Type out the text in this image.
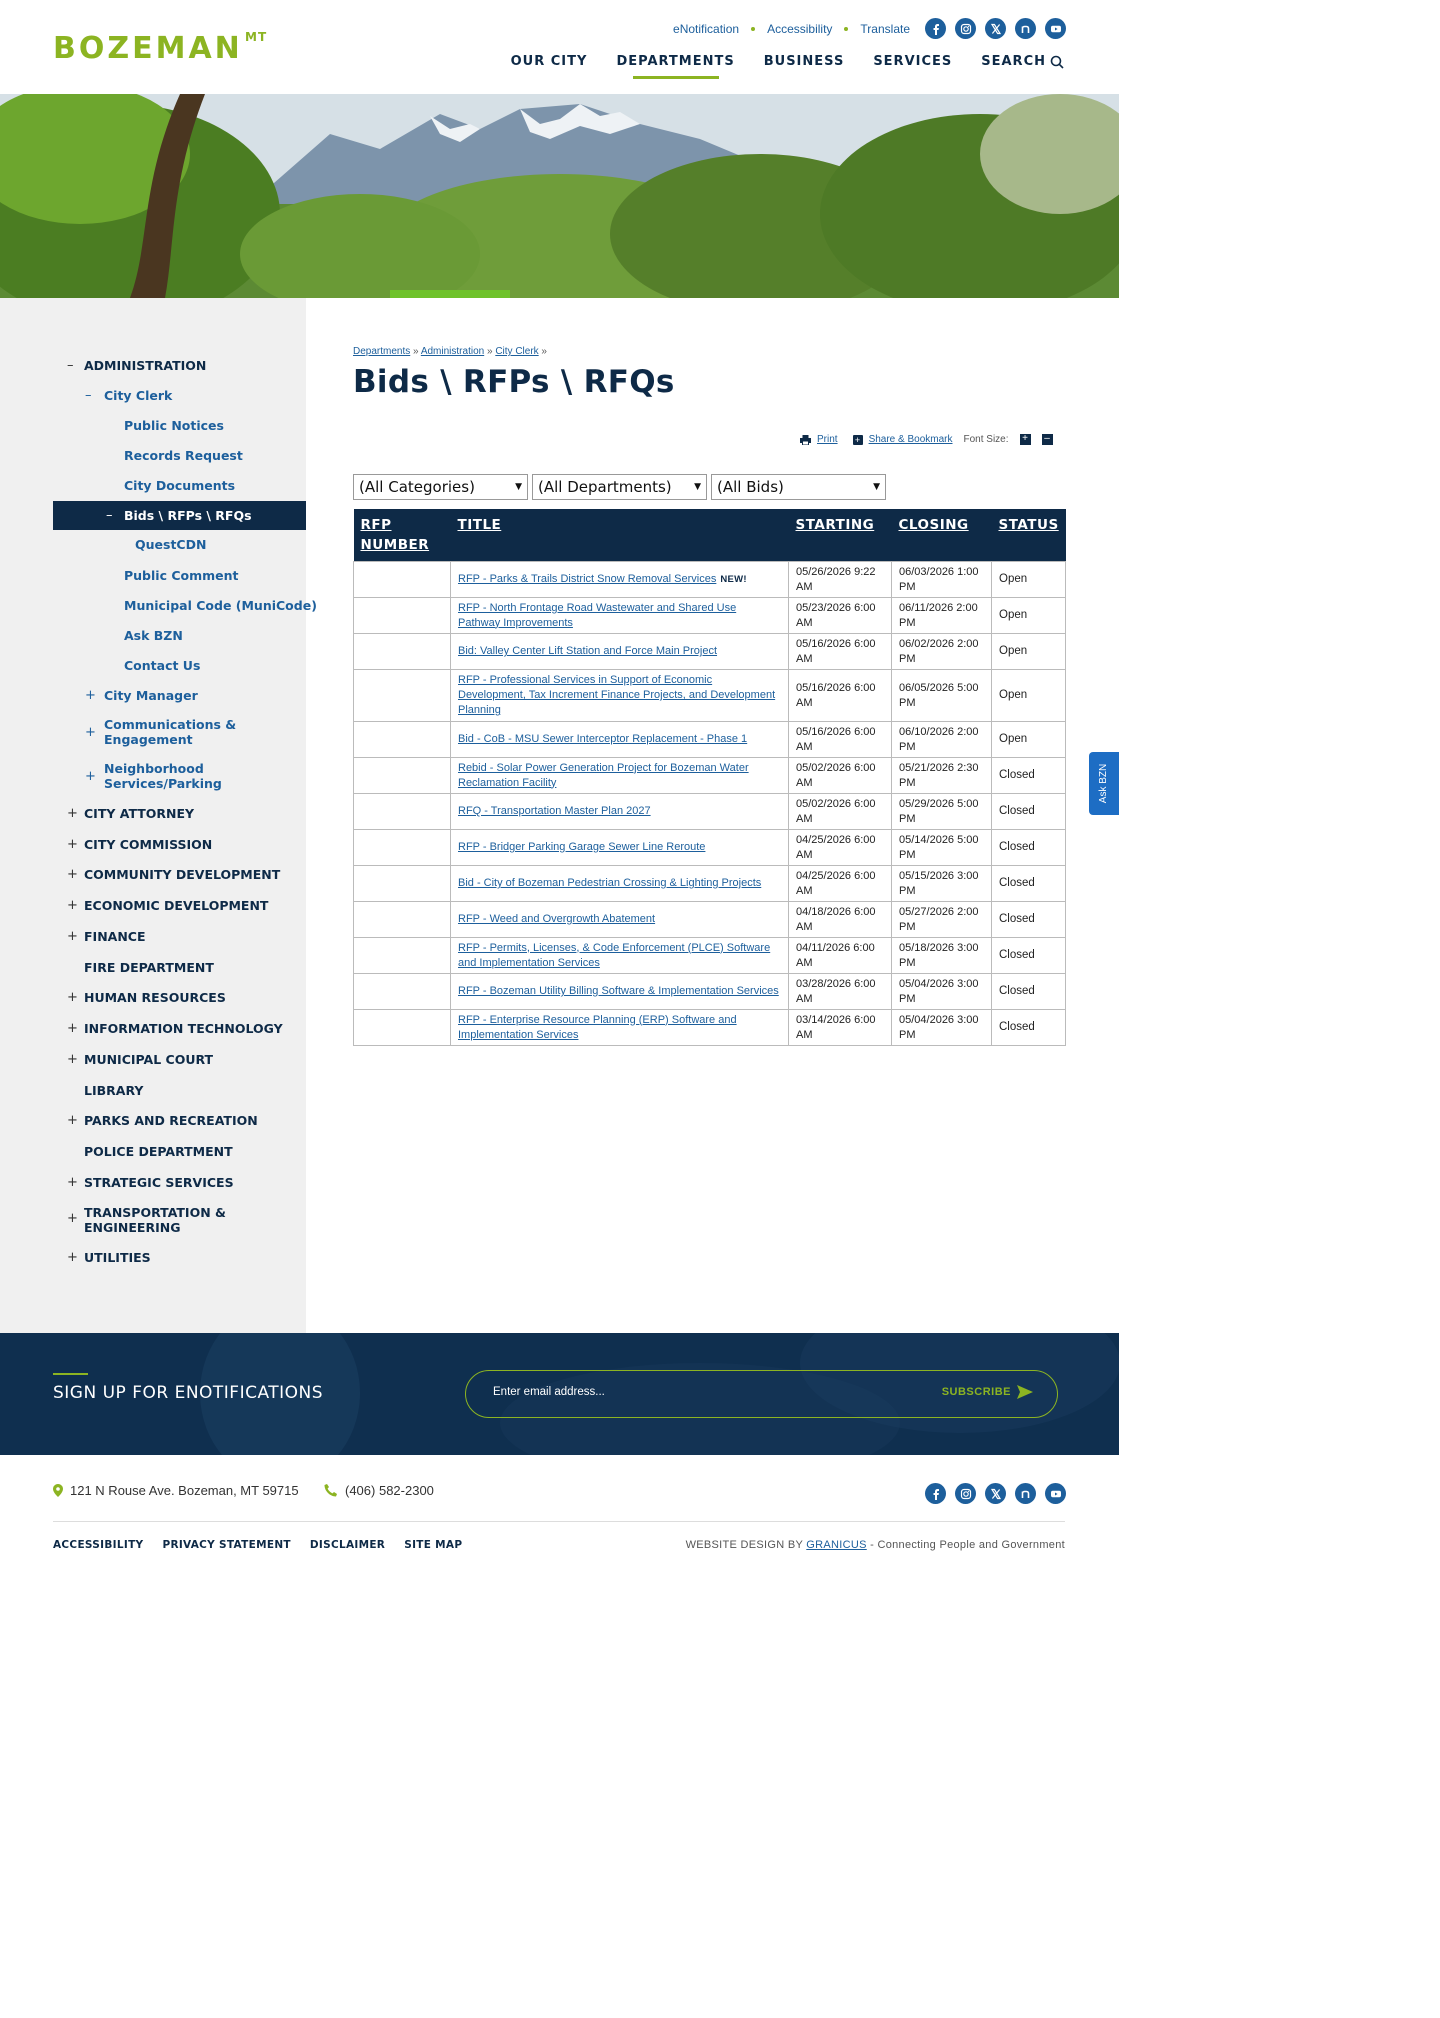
BOZEMAN MT
eNotification Accessibility Translate
OUR CITY DEPARTMENTS BUSINESS SERVICES SEARCH
– ADMINISTRATION
– City Clerk
Public Notices
Records Request
City Documents
– Bids \ RFPs \ RFQs
QuestCDN
Public Comment
Municipal Code (MuniCode)
Ask BZN
Contact Us
+ City Manager
+
Communications & Engagement
+
Neighborhood Services/Parking
+ CITY ATTORNEY
+ CITY COMMISSION
+ COMMUNITY DEVELOPMENT
+ ECONOMIC DEVELOPMENT
+ FINANCE
FIRE DEPARTMENT
+ HUMAN RESOURCES
+ INFORMATION TECHNOLOGY
+ MUNICIPAL COURT
LIBRARY
+ PARKS AND RECREATION
POLICE DEPARTMENT
+ STRATEGIC SERVICES
+ TRANSPORTATION & ENGINEERING
+ UTILITIES
Departments » Administration » City Clerk »
Bids \ RFPs \ RFQs
Print + Share & Bookmark Font Size: + –
(All Categories)	▼ (All Departments) ▼ (All Bids)	▼
RFP NUMBER	TITLE	STARTING	CLOSING	STATUS
	RFP - Parks & Trails District Snow Removal Services NEW!	05/26/2026 9:22 AM	06/03/2026 1:00 PM	Open
	RFP - North Frontage Road Wastewater and Shared Use Pathway Improvements	05/23/2026 6:00 AM	06/11/2026 2:00 PM	Open
	Bid: Valley Center Lift Station and Force Main Project	05/16/2026 6:00 AM	06/02/2026 2:00 PM	Open
	RFP - Professional Services in Support of Economic Development, Tax Increment Finance Projects, and Development Planning	05/16/2026 6:00 AM	06/05/2026 5:00 PM	Open
	Bid - CoB - MSU Sewer Interceptor Replacement - Phase 1	05/16/2026 6:00 AM	06/10/2026 2:00 PM	Open
	Rebid - Solar Power Generation Project for Bozeman Water Reclamation Facility	05/02/2026 6:00 AM	05/21/2026 2:30 PM	Closed
	RFQ - Transportation Master Plan 2027	05/02/2026 6:00 AM	05/29/2026 5:00 PM	Closed
	RFP - Bridger Parking Garage Sewer Line Reroute	04/25/2026 6:00 AM	05/14/2026 5:00 PM	Closed
	Bid - City of Bozeman Pedestrian Crossing & Lighting Projects	04/25/2026 6:00 AM	05/15/2026 3:00 PM	Closed
	RFP - Weed and Overgrowth Abatement	04/18/2026 6:00 AM	05/27/2026 2:00 PM	Closed
	RFP - Permits, Licenses, & Code Enforcement (PLCE) Software and Implementation Services	04/11/2026 6:00 AM	05/18/2026 3:00 PM	Closed
	RFP - Bozeman Utility Billing Software & Implementation Services	03/28/2026 6:00 AM	05/04/2026 3:00 PM	Closed
	RFP - Enterprise Resource Planning (ERP) Software and Implementation Services	03/14/2026 6:00 AM	05/04/2026 3:00 PM	Closed
Ask BZN
SIGN UP FOR ENOTIFICATIONS	Enter email address...	SUBSCRIBE
121 N Rouse Ave. Bozeman, MT 59715	(406) 582-2300
ACCESSIBILITY PRIVACY STATEMENT DISCLAIMER SITE MAP	WEBSITE DESIGN BY GRANICUS - Connecting People and Government
